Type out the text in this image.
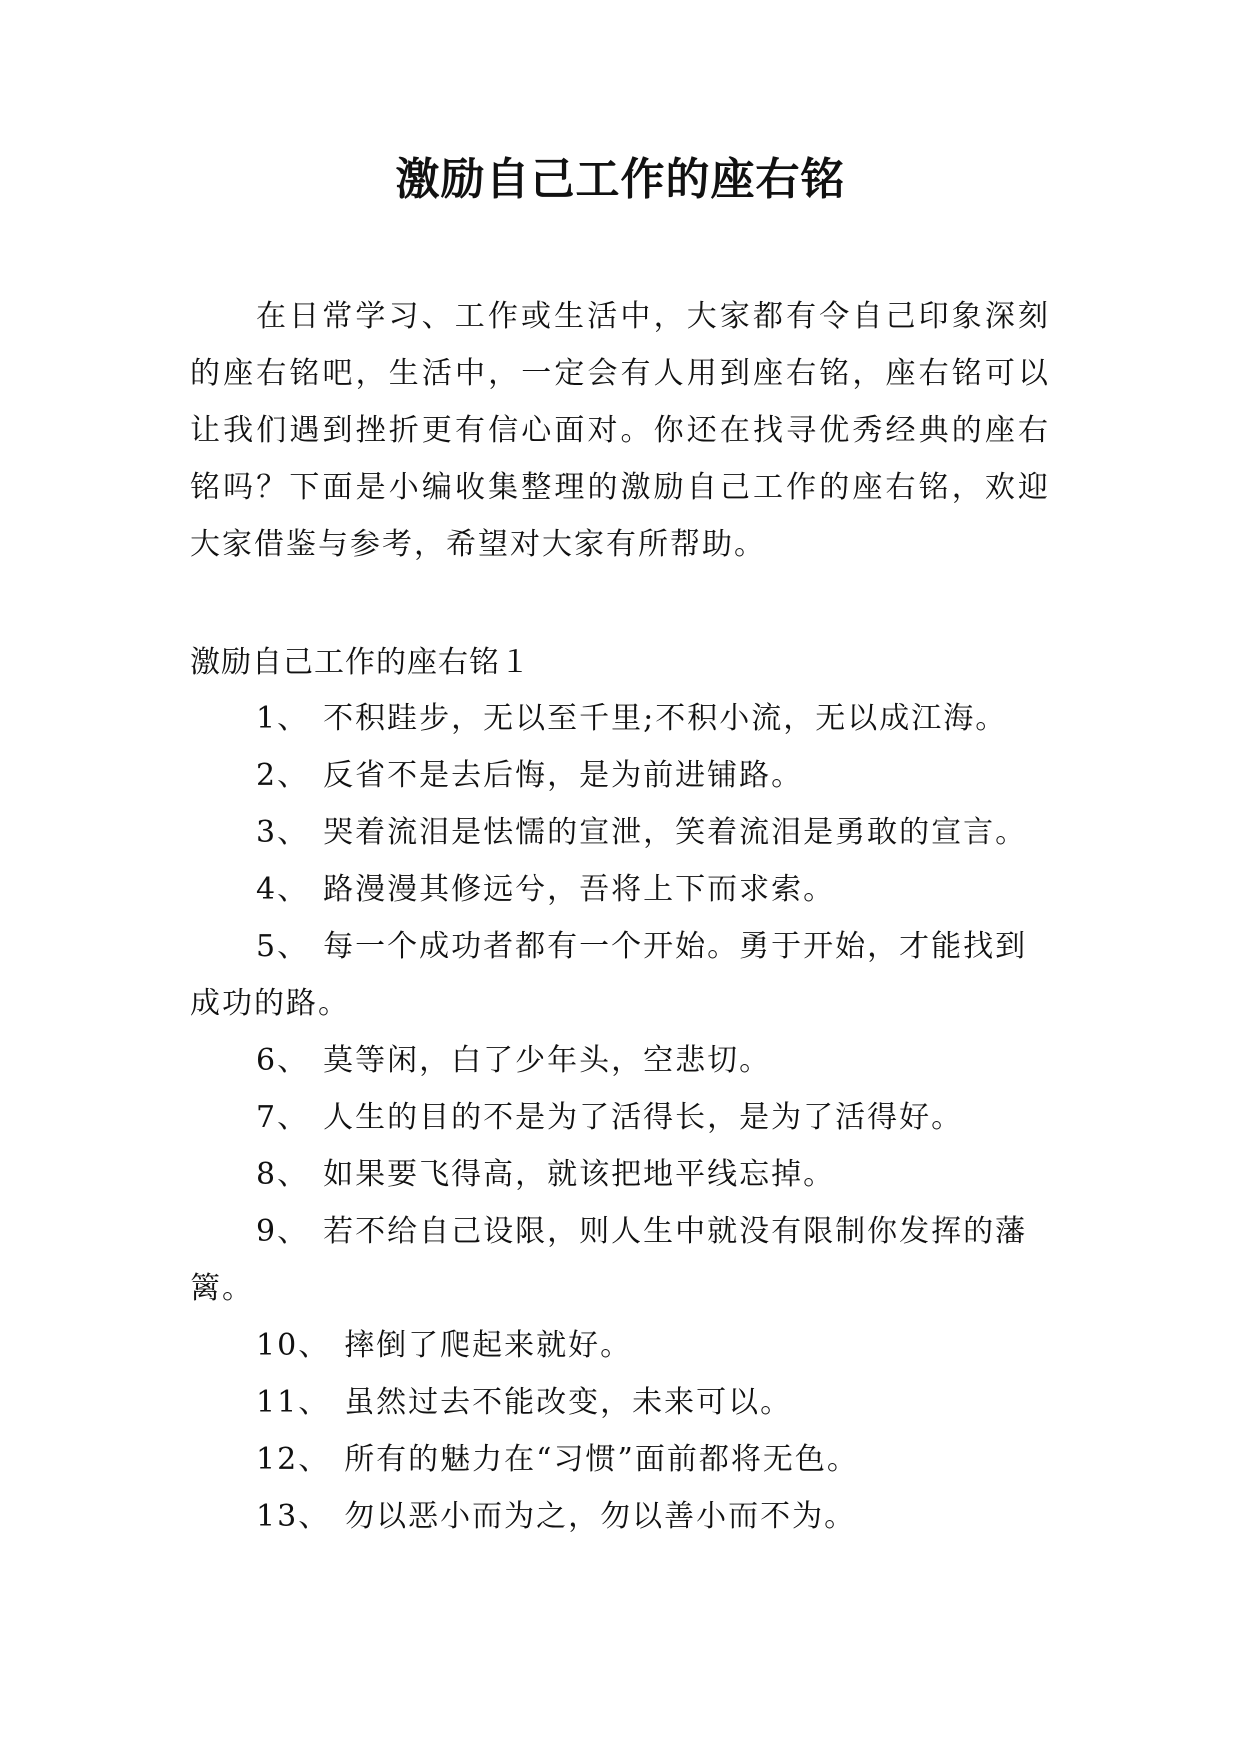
激励自己工作的座右铭

在日常学习、工作或生活中，大家都有令自己印象深刻的座右铭吧，生活中，一定会有人用到座右铭，座右铭可以让我们遇到挫折更有信心面对。你还在找寻优秀经典的座右铭吗？下面是小编收集整理的激励自己工作的座右铭，欢迎大家借鉴与参考，希望对大家有所帮助。

激励自己工作的座右铭１
1、 不积跬步，无以至千里;不积小流，无以成江海。
2、 反省不是去后悔，是为前进铺路。
3、 哭着流泪是怯懦的宣泄，笑着流泪是勇敢的宣言。
4、 路漫漫其修远兮，吾将上下而求索。
5、 每一个成功者都有一个开始。勇于开始，才能找到成功的路。
6、 莫等闲，白了少年头，空悲切。
7、 人生的目的不是为了活得长，是为了活得好。
8、 如果要飞得高，就该把地平线忘掉。
9、 若不给自己设限，则人生中就没有限制你发挥的藩篱。
10、 摔倒了爬起来就好。
11、 虽然过去不能改变，未来可以。
12、 所有的魅力在“习惯”面前都将无色。
13、 勿以恶小而为之，勿以善小而不为。
